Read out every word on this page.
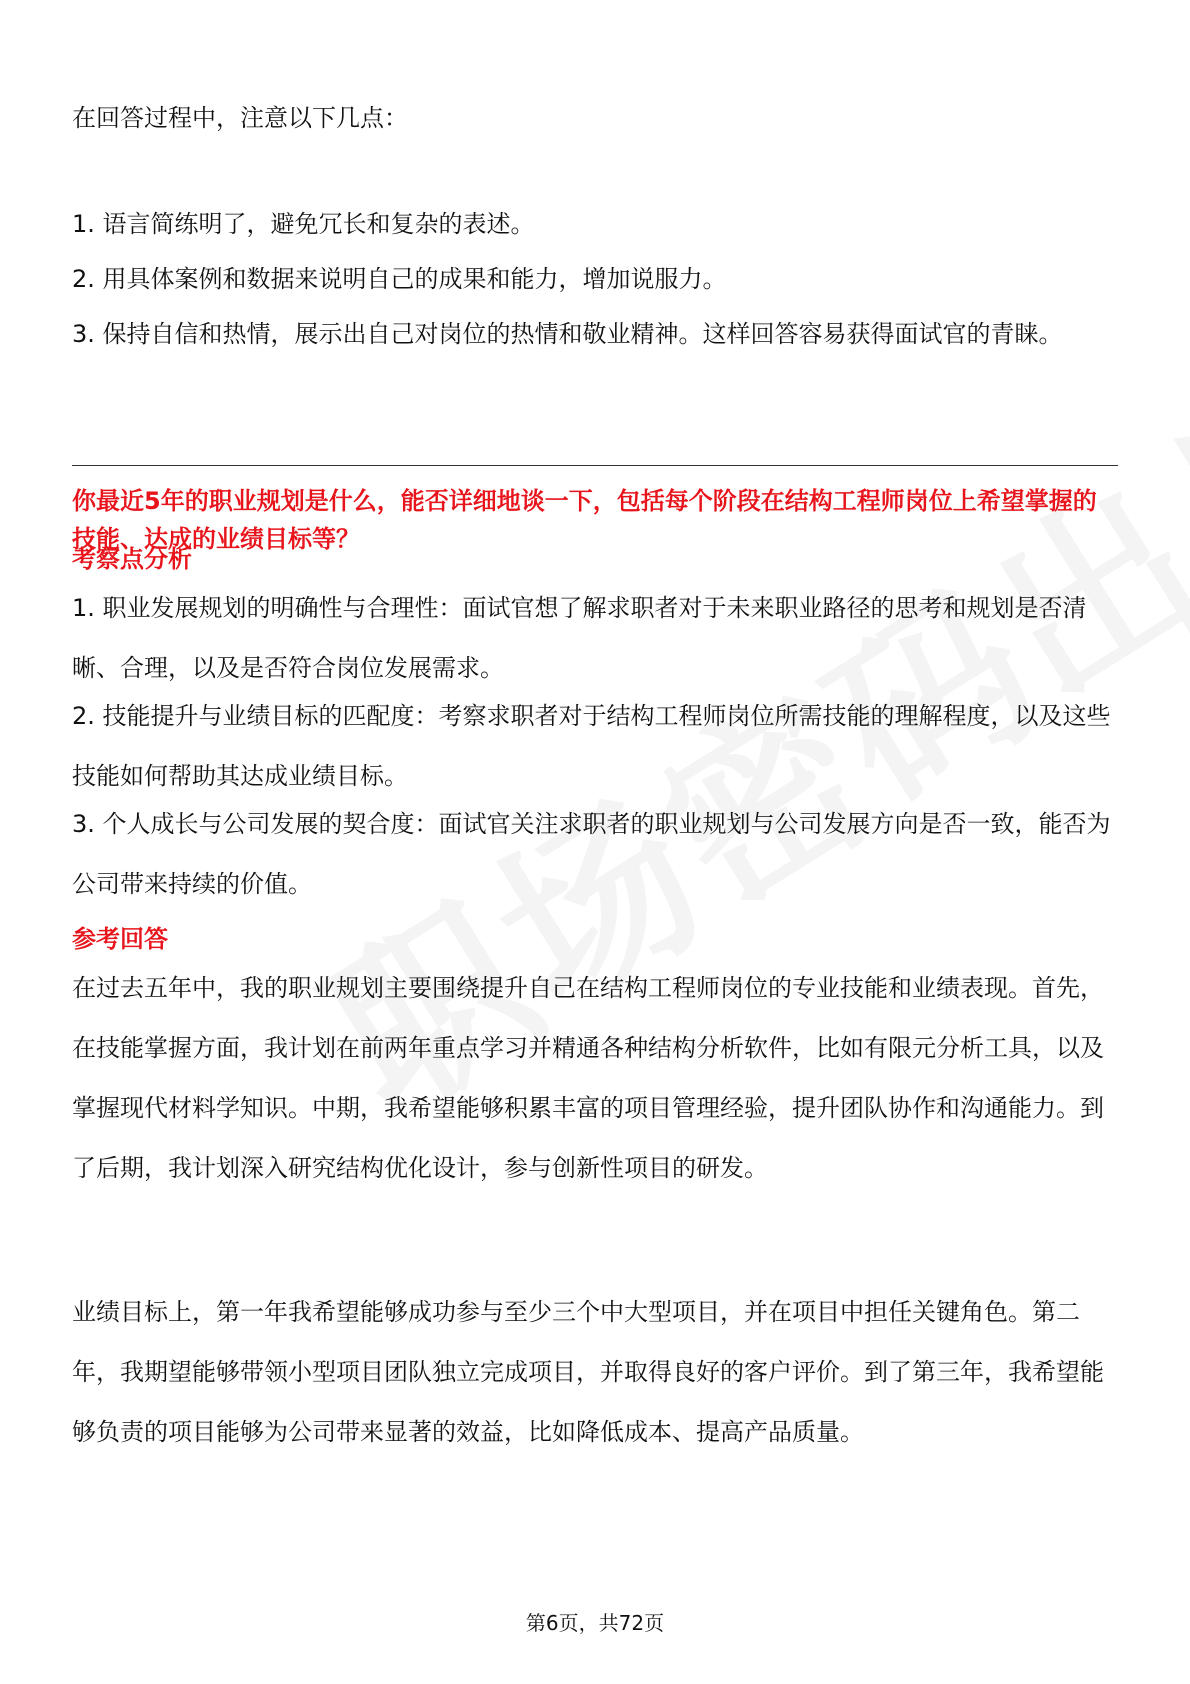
在回答过程中，注意以下几点：

1. 语言简练明了，避免冗长和复杂的表述。

2. 用具体案例和数据来说明自己的成果和能力，增加说服力。

3. 保持自信和热情，展示出自己对岗位的热情和敬业精神。这样回答容易获得面试官的青睐。

你最近5年的职业规划是什么，能否详细地谈一下，包括每个阶段在结构工程师岗位上希望掌握的技能、达成的业绩目标等？

考察点分析

1. 职业发展规划的明确性与合理性：面试官想了解求职者对于未来职业路径的思考和规划是否清晰、合理，以及是否符合岗位发展需求。

2. 技能提升与业绩目标的匹配度：考察求职者对于结构工程师岗位所需技能的理解程度，以及这些技能如何帮助其达成业绩目标。

3. 个人成长与公司发展的契合度：面试官关注求职者的职业规划与公司发展方向是否一致，能否为公司带来持续的价值。

参考回答

在过去五年中，我的职业规划主要围绕提升自己在结构工程师岗位的专业技能和业绩表现。首先，在技能掌握方面，我计划在前两年重点学习并精通各种结构分析软件，比如有限元分析工具，以及掌握现代材料学知识。中期，我希望能够积累丰富的项目管理经验，提升团队协作和沟通能力。到了后期，我计划深入研究结构优化设计，参与创新性项目的研发。

业绩目标上，第一年我希望能够成功参与至少三个中大型项目，并在项目中担任关键角色。第二年，我期望能够带领小型项目团队独立完成项目，并取得良好的客户评价。到了第三年，我希望能够负责的项目能够为公司带来显著的效益，比如降低成本、提高产品质量。

第6页，共72页
